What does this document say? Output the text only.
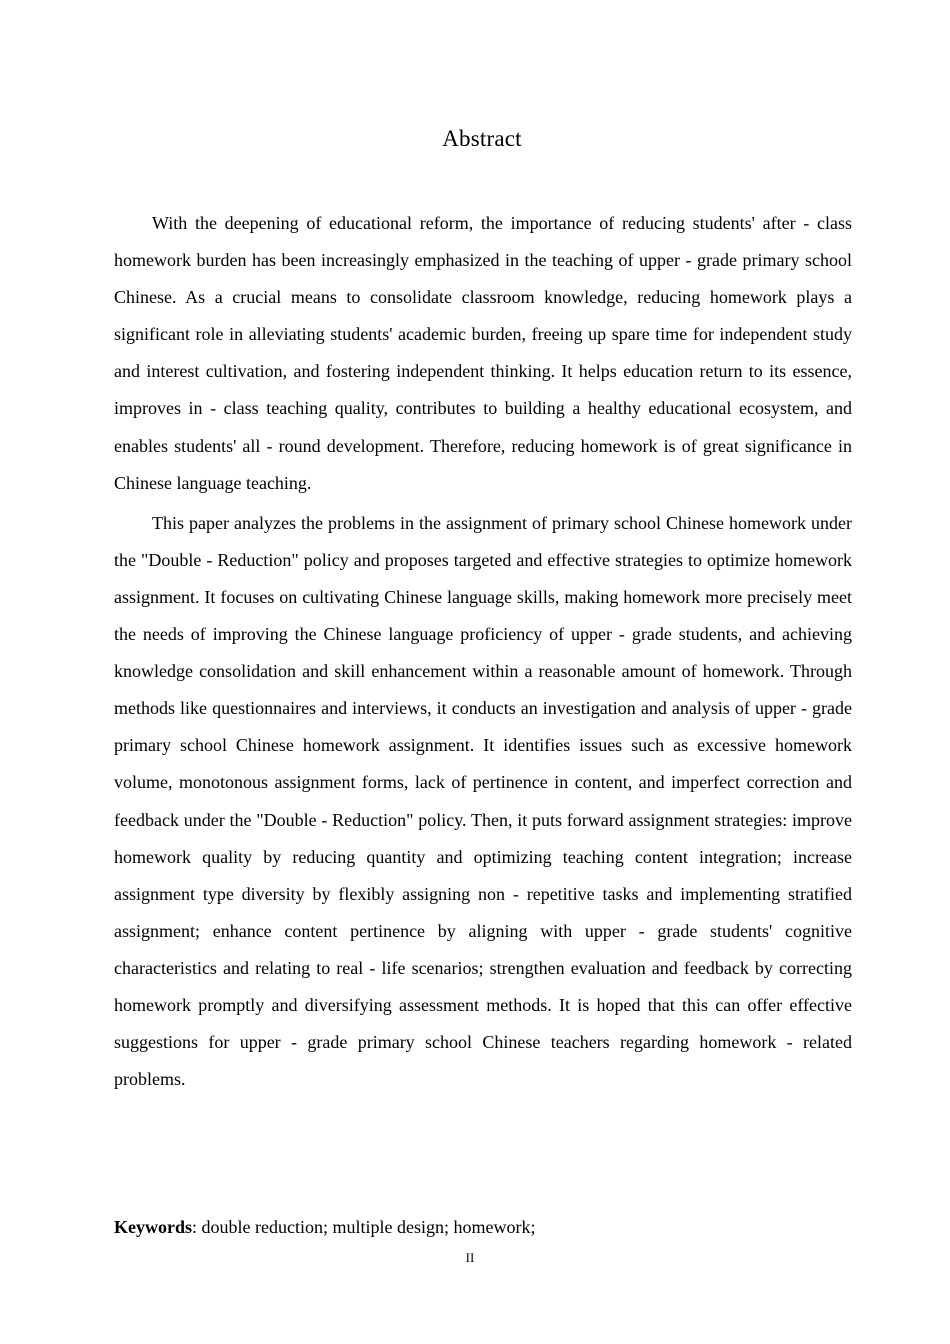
Abstract

With the deepening of educational reform, the importance of reducing students' after - class homework burden has been increasingly emphasized in the teaching of upper - grade primary school Chinese. As a crucial means to consolidate classroom knowledge, reducing homework plays a significant role in alleviating students' academic burden, freeing up spare time for independent study and interest cultivation, and fostering independent thinking. It helps education return to its essence, improves in - class teaching quality, contributes to building a healthy educational ecosystem, and enables students' all - round development. Therefore, reducing homework is of great significance in Chinese language teaching.

This paper analyzes the problems in the assignment of primary school Chinese homework under the "Double - Reduction" policy and proposes targeted and effective strategies to optimize homework assignment. It focuses on cultivating Chinese language skills, making homework more precisely meet the needs of improving the Chinese language proficiency of upper - grade students, and achieving knowledge consolidation and skill enhancement within a reasonable amount of homework. Through methods like questionnaires and interviews, it conducts an investigation and analysis of upper - grade primary school Chinese homework assignment. It identifies issues such as excessive homework volume, monotonous assignment forms, lack of pertinence in content, and imperfect correction and feedback under the "Double - Reduction" policy. Then, it puts forward assignment strategies: improve homework quality by reducing quantity and optimizing teaching content integration; increase assignment type diversity by flexibly assigning non - repetitive tasks and implementing stratified assignment; enhance content pertinence by aligning with upper - grade students' cognitive characteristics and relating to real - life scenarios; strengthen evaluation and feedback by correcting homework promptly and diversifying assessment methods. It is hoped that this can offer effective suggestions for upper - grade primary school Chinese teachers regarding homework - related problems.

Keywords: double reduction; multiple design; homework;
II
